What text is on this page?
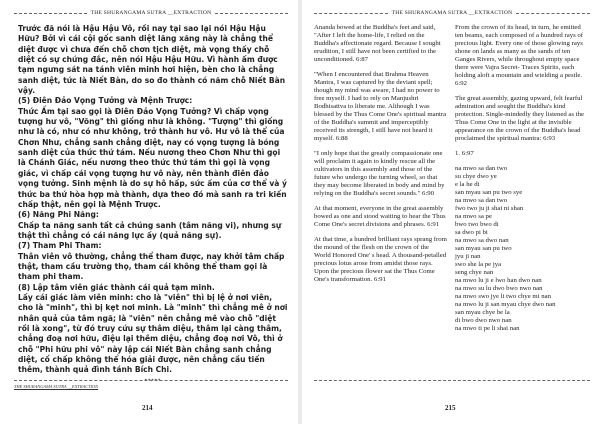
THE SHURANGAMA SUTRA __EXTRACTION

Trước đã nói là Hậu Hậu Vô, rồi nay tại sao lại nói Hậu Hậu Hữu? Bởi vì cái cội gốc sanh diệt lãng xăng này là chẳng thể diệt được vì chưa đến chỗ chơn tịch diệt, mà vọng thấy chỗ diệt có sự chứng đắc, nên nói Hậu Hậu Hữu. Vì hành ấm được tạm ngưng sát na tánh viên minh hơi hiện, bèn cho là chẳng sanh diệt, tức là Niết Bàn, do so đo thành có năm chỗ Niết Bàn vậy.

(5) Điên Đảo Vọng Tưởng và Mệnh Trược:

Thức Ấm tại sao gọi là Điên Đảo Vọng Tưởng? Vì chấp vọng tượng hư vô, "Võng" thì giống như là không. "Tượng" thì giống như là có, như có như không, trở thành hư vô. Hư vô là thể của Chơn Như, chẳng sanh chẳng diệt, nay có vọng tượng là bóng sanh diệt của thức thứ tám. Nếu nương theo Chơn Như thì gọi là Chánh Giác, nếu nương theo thức thứ tám thì gọi là vọng giác, vì chấp cái vọng tượng hư vô này, nên thành điên đảo vọng tưởng. Sinh mệnh là do sự hô hấp, sức ấm của cơ thể và ý thức ba thứ hòa hợp mà thành, dựa theo đó mà sanh ra tri kiến chấp thật, nên gọi là Mệnh Trược.

(6) Năng Phi Năng:

Chấp ta năng sanh tất cả chúng sanh (tâm năng vi), nhưng sự thật thì chẳng có cái năng lực ấy (quả năng sự).

(7) Tham Phi Tham:

Thân viên vô thường, chẳng thể tham được, nay khởi tâm chấp thật, tham cầu trường thọ, tham cái không thể tham gọi là tham phi tham.

(8) Lập tâm viên giác thành cái quả tạm minh.

Lấy cái giác làm viên minh: cho là "viên" thì bị lệ ở nơi viên, cho là "minh", thì bị kẹt nơi minh. Là "minh" thì chẳng mê ở nơi nhân quả của tâm ngã; là "viên" nên chẳng mê vào chỗ "diệt rồi là xong", từ đó truy cứu sự thâm diệu, thâm lại càng thâm, chẳng đoạ nơi hữu, điệu lại thêm diệu, chẳng đoạ nơi Vô, thì ở chỗ "Phi hữu phi vô" này lập cái Niết Bàn chẳng sanh chẳng diệt, cố chấp không thể hóa giải được, nên chẳng cầu tiến thêm, thành quả đình tánh Bích Chi.

*****
THE SHURANGAMA SUTRA __EXTRACTION
214
THE SHURANGAMA SUTRA __EXTRACTION

Ananda bowed at the Buddha's feet and said, "After I left the home-life, I relied on the Buddha's affectionate regard. Because I sought erudition, I still have not been certified to the unconditioned. 6:87

"When I encountered that Brahma Heaven Mantra, I was captured by the deviant spell; though my mind was aware, I had no power to free myself. I had to rely on Manjushri Bodhisattva to liberate me. Although I was blessed by the Thus Come One's spiritual mantra of the Buddha's summit and imperceptibly received its strength, I still have not heard it myself. 6:88

"I only hope that the greatly compassionate one will proclaim it again to kindly rescue all the cultivators in this assembly and those of the future who undergo the turning wheel, so that they may become liberated in body and mind by relying on the Buddha's secret sounds." 6:90

At that moment, everyone in the great assembly bowed as one and stood waiting to hear the Thus Come One's secret divisions and phrases. 6:91

At that time, a hundred brilliant rays sprang from the mound of the flesh on the crown of the World Honored One' s head. A thousand-petalled precious lotus arose from amidst those rays. Upon the precious flower sat the Thus Come One's transformation. 6:91

From the crown of its head, in turn, he emitted ten beams, each composed of a hundred rays of precious light. Every one of those glowing rays shone on lands as many as the sands of ten Ganges Rivers, while throughout empty space there were Vajra Secret- Traces Spirits, each holding aloft a mountain and wielding a pestle. 6:92

The great assembly, gazing upward, felt fearful admiration and sought the Buddha's kind protection. Single-mindedly they listened as the Thus Come One in the light at the invisible appearance on the crown of the Buddha's head proclaimed the spiritual mantra: 6:93

1. 6:97

na mwo sa dan two

su chye dwo ye

e la he di

san myau san pu two sye

na mwo sa dan two

fwo two ju ji shai ni shan

na mwo sa pe

bwo two bwo di

sa dwo pi bi

na mwo sa dwo nan

san myau san pu two

jyu ji nan

swo she la pe jya

seng chye nan

na mwo lu ji e lwo han dwo nan

na mwo su lu dwo bwo nwo nan

na mwo swo jye li two chye mi nan

na mwo lu ji san myau chye dwo nan

san myau chye be la

di bwo dwo nwo nan

na mwo ti pe li shai nan

215
